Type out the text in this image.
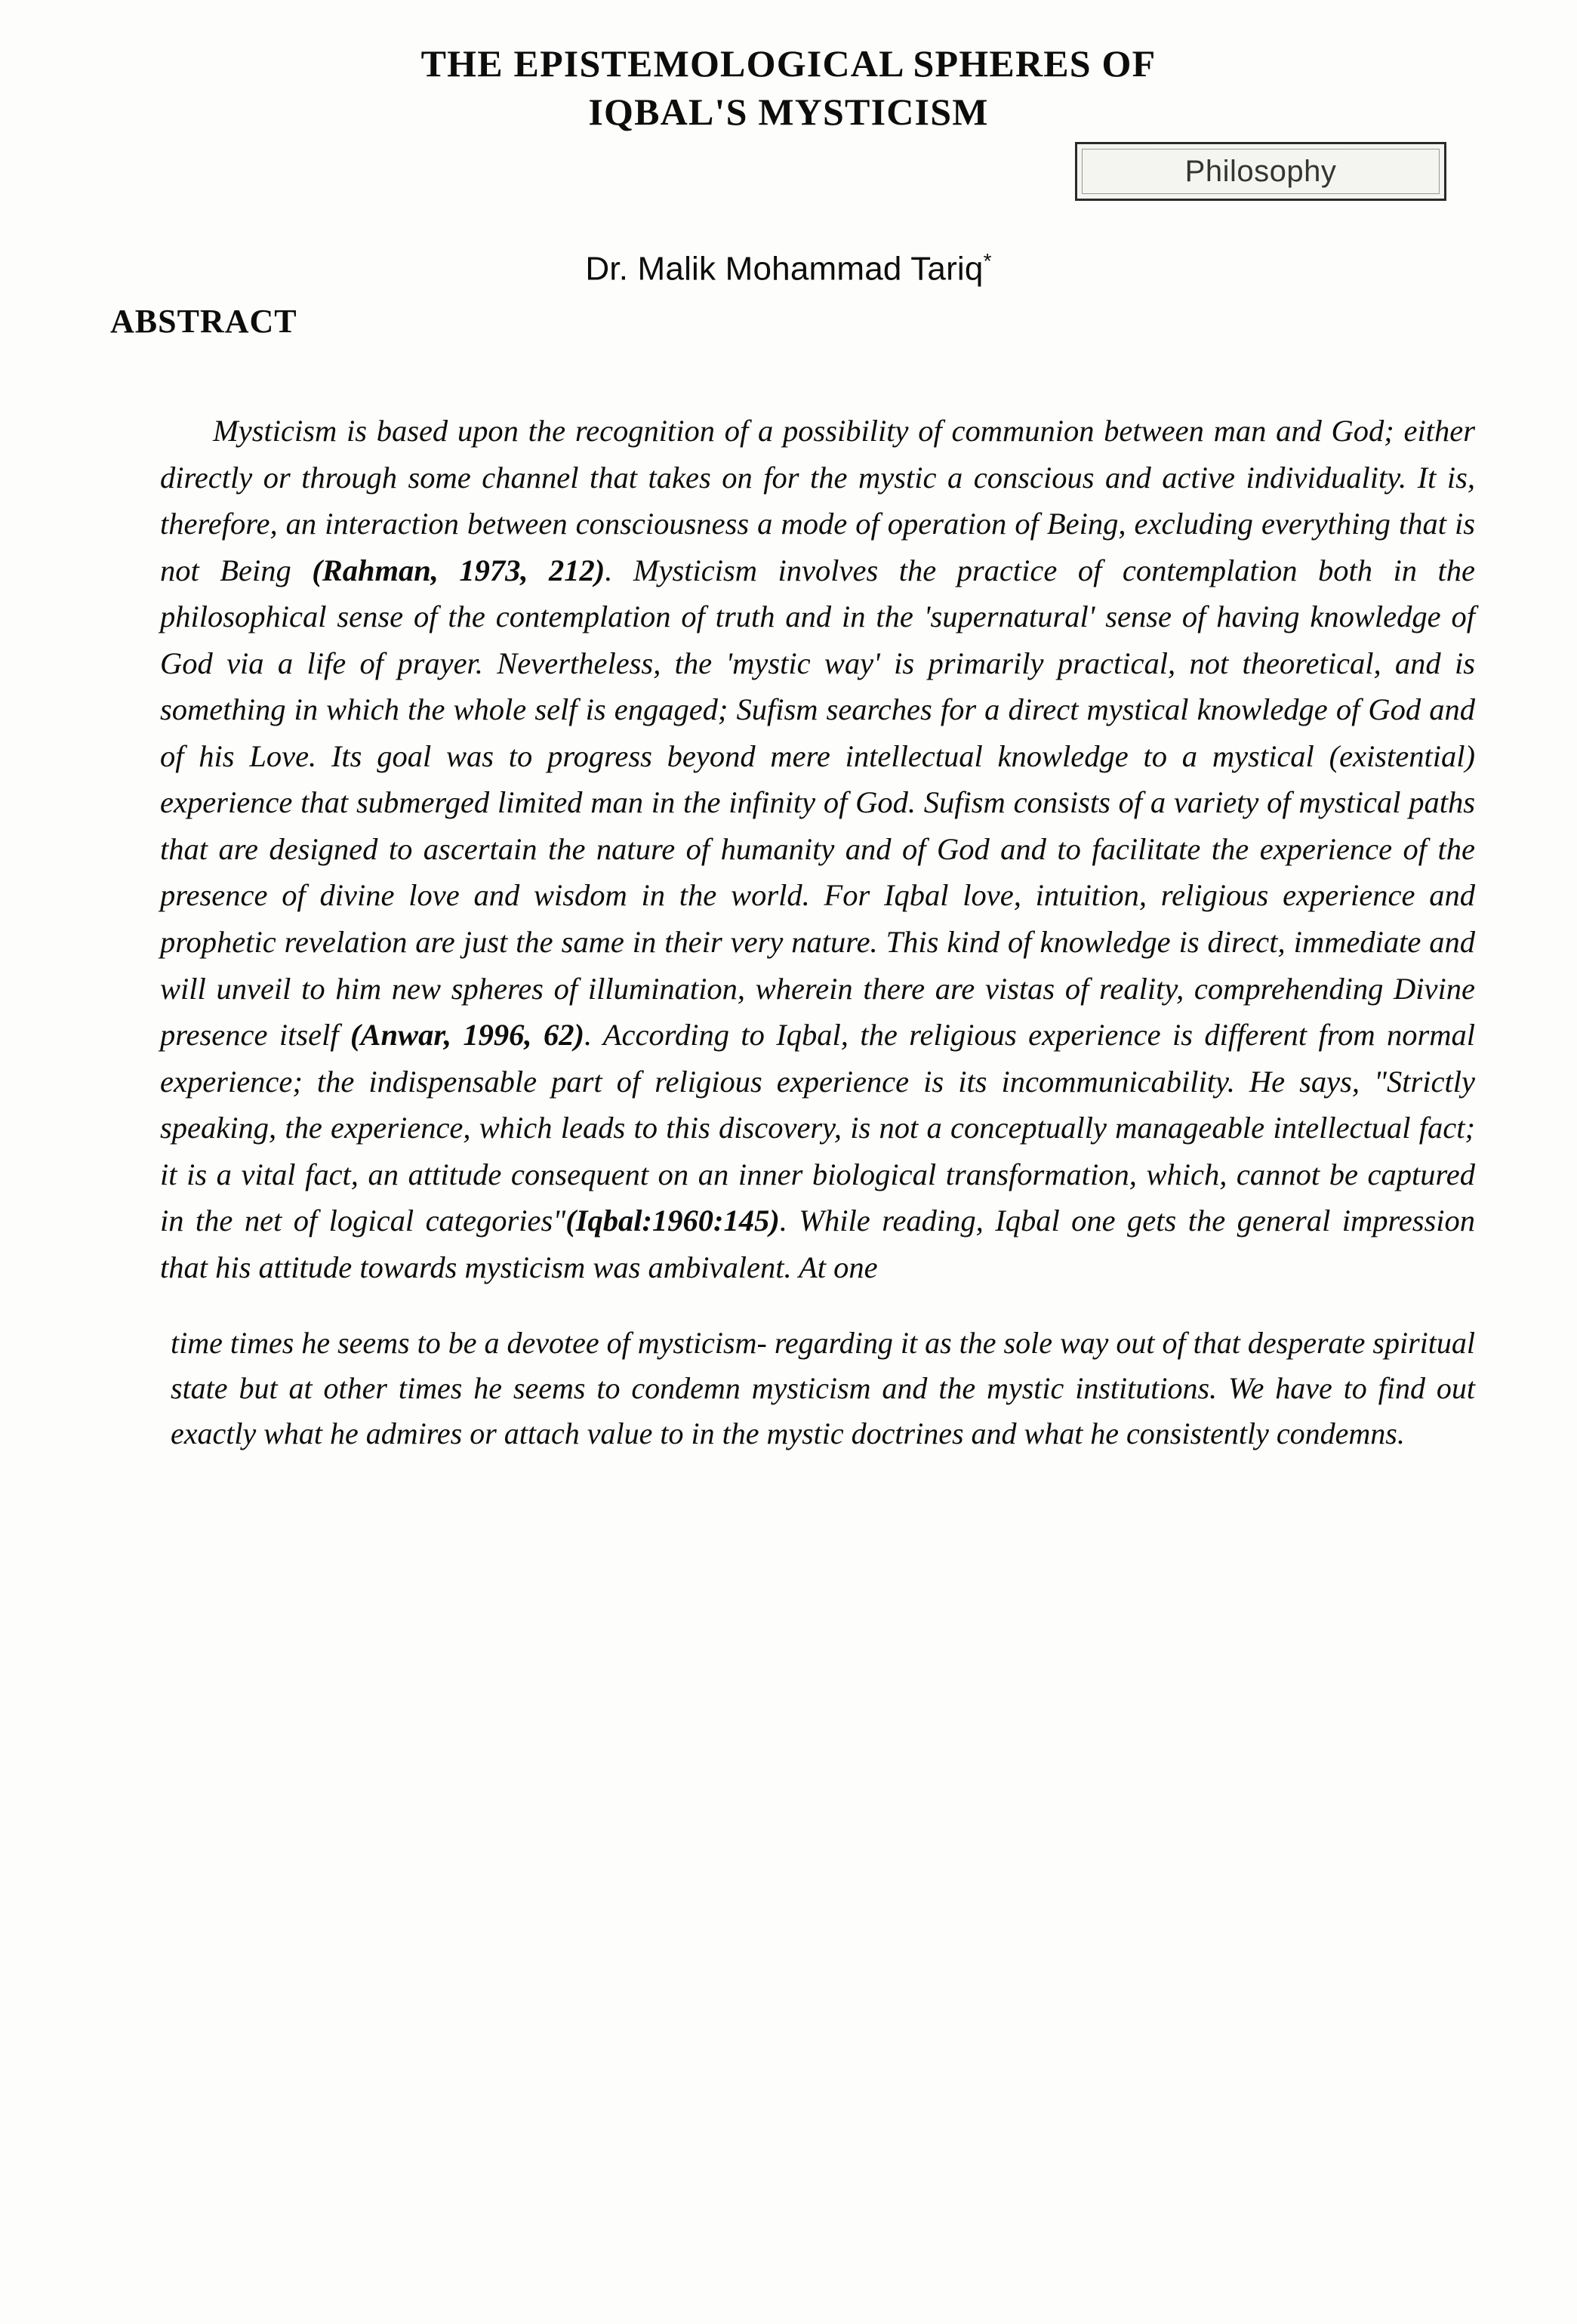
THE EPISTEMOLOGICAL SPHERES OF
IQBAL'S MYSTICISM
Philosophy
Dr. Malik Mohammad Tariq*
ABSTRACT

Mysticism is based upon the recognition of a possibility of communion between man and God; either directly or through some channel that takes on for the mystic a conscious and active individuality. It is, therefore, an interaction between consciousness a mode of operation of Being, excluding everything that is not Being (Rahman, 1973, 212). Mysticism involves the practice of contemplation both in the philosophical sense of the contemplation of truth and in the 'supernatural' sense of having knowledge of God via a life of prayer. Nevertheless, the 'mystic way' is primarily practical, not theoretical, and is something in which the whole self is engaged; Sufism searches for a direct mystical knowledge of God and of his Love. Its goal was to progress beyond mere intellectual knowledge to a mystical (existential) experience that submerged limited man in the infinity of God. Sufism consists of a variety of mystical paths that are designed to ascertain the nature of humanity and of God and to facilitate the experience of the presence of divine love and wisdom in the world. For Iqbal love, intuition, religious experience and prophetic revelation are just the same in their very nature. This kind of knowledge is direct, immediate and will unveil to him new spheres of illumination, wherein there are vistas of reality, comprehending Divine presence itself (Anwar, 1996, 62). According to Iqbal, the religious experience is different from normal experience; the indispensable part of religious experience is its incommunicability. He says, "Strictly speaking, the experience, which leads to this discovery, is not a conceptually manageable intellectual fact; it is a vital fact, an attitude consequent on an inner biological transformation, which, cannot be captured in the net of logical categories"(Iqbal:1960:145). While reading, Iqbal one gets the general impression that his attitude towards mysticism was ambivalent. At one

time times he seems to be a devotee of mysticism- regarding it as the sole way out of that desperate spiritual state but at other times he seems to condemn mysticism and the mystic institutions. We have to find out exactly what he admires or attach value to in the mystic doctrines and what he consistently condemns.
